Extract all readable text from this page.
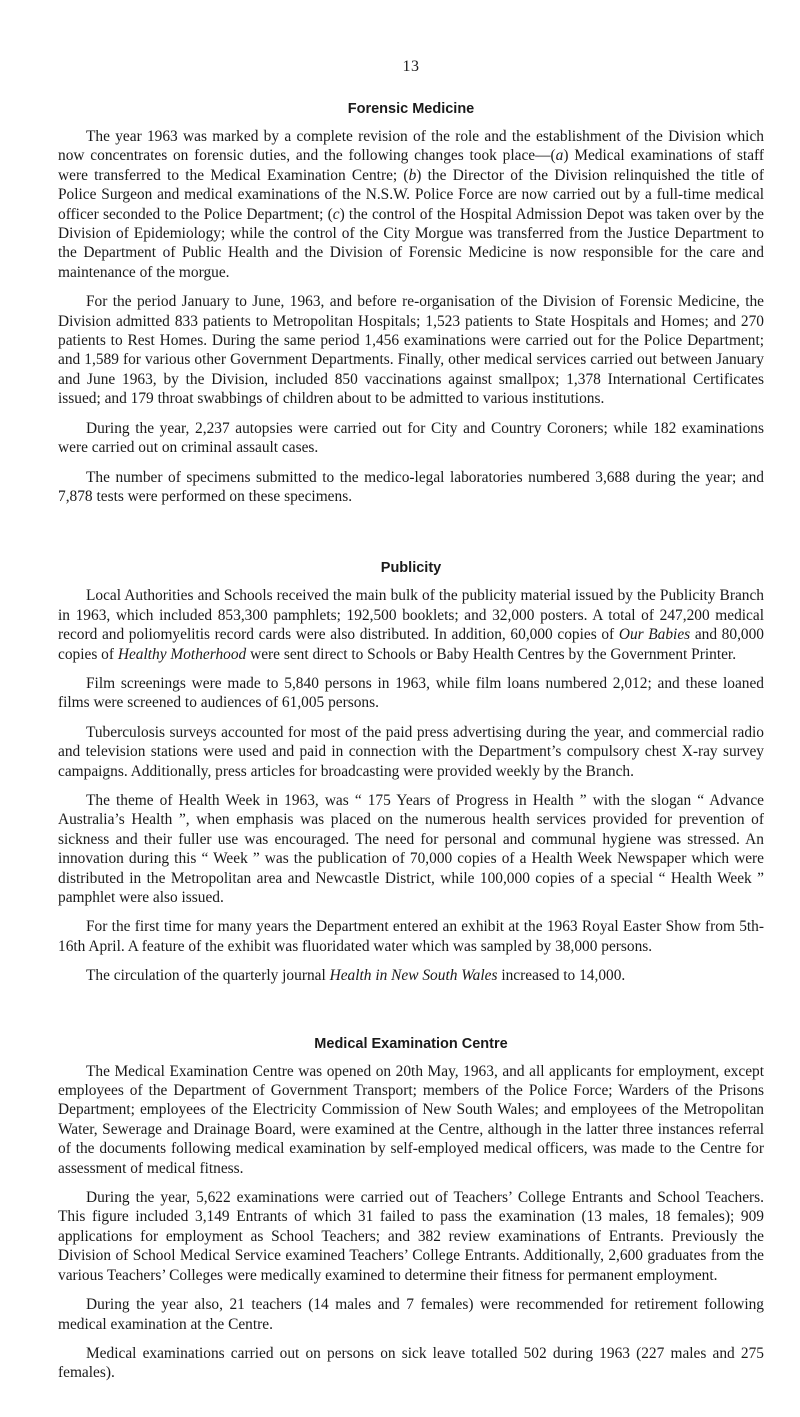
13
Forensic Medicine

The year 1963 was marked by a complete revision of the role and the establishment of the Division which now concentrates on forensic duties, and the following changes took place—(a) Medical examinations of staff were transferred to the Medical Examination Centre; (b) the Director of the Division relinquished the title of Police Surgeon and medical examinations of the N.S.W. Police Force are now carried out by a full-time medical officer seconded to the Police Department; (c) the control of the Hospital Admission Depot was taken over by the Division of Epidemiology; while the control of the City Morgue was transferred from the Justice Department to the Department of Public Health and the Division of Forensic Medicine is now responsible for the care and maintenance of the morgue.

For the period January to June, 1963, and before re-organisation of the Division of Forensic Medicine, the Division admitted 833 patients to Metropolitan Hospitals; 1,523 patients to State Hospitals and Homes; and 270 patients to Rest Homes. During the same period 1,456 examinations were carried out for the Police Department; and 1,589 for various other Government Departments. Finally, other medical services carried out between January and June 1963, by the Division, included 850 vaccinations against smallpox; 1,378 International Certificates issued; and 179 throat swabbings of children about to be admitted to various institutions.

During the year, 2,237 autopsies were carried out for City and Country Coroners; while 182 examinations were carried out on criminal assault cases.

The number of specimens submitted to the medico-legal laboratories numbered 3,688 during the year; and 7,878 tests were performed on these specimens.

Publicity

Local Authorities and Schools received the main bulk of the publicity material issued by the Publicity Branch in 1963, which included 853,300 pamphlets; 192,500 booklets; and 32,000 posters. A total of 247,200 medical record and poliomyelitis record cards were also distributed. In addition, 60,000 copies of Our Babies and 80,000 copies of Healthy Motherhood were sent direct to Schools or Baby Health Centres by the Government Printer.

Film screenings were made to 5,840 persons in 1963, while film loans numbered 2,012; and these loaned films were screened to audiences of 61,005 persons.

Tuberculosis surveys accounted for most of the paid press advertising during the year, and commercial radio and television stations were used and paid in connection with the Department’s compulsory chest X-ray survey campaigns. Additionally, press articles for broadcasting were provided weekly by the Branch.

The theme of Health Week in 1963, was “ 175 Years of Progress in Health ” with the slogan “ Advance Australia’s Health ”, when emphasis was placed on the numerous health services provided for prevention of sickness and their fuller use was encouraged. The need for personal and communal hygiene was stressed. An innovation during this “ Week ” was the publication of 70,000 copies of a Health Week Newspaper which were distributed in the Metropolitan area and Newcastle District, while 100,000 copies of a special “ Health Week ” pamphlet were also issued.

For the first time for many years the Department entered an exhibit at the 1963 Royal Easter Show from 5th-16th April. A feature of the exhibit was fluoridated water which was sampled by 38,000 persons.

The circulation of the quarterly journal Health in New South Wales increased to 14,000.

Medical Examination Centre

The Medical Examination Centre was opened on 20th May, 1963, and all applicants for employment, except employees of the Department of Government Transport; members of the Police Force; Warders of the Prisons Department; employees of the Electricity Commission of New South Wales; and employees of the Metropolitan Water, Sewerage and Drainage Board, were examined at the Centre, although in the latter three instances referral of the documents following medical examination by self-employed medical officers, was made to the Centre for assessment of medical fitness.

During the year, 5,622 examinations were carried out of Teachers’ College Entrants and School Teachers. This figure included 3,149 Entrants of which 31 failed to pass the examination (13 males, 18 females); 909 applications for employment as School Teachers; and 382 review examinations of Entrants. Previously the Division of School Medical Service examined Teachers’ College Entrants. Additionally, 2,600 graduates from the various Teachers’ Colleges were medically examined to determine their fitness for permanent employment.

During the year also, 21 teachers (14 males and 7 females) were recommended for retirement following medical examination at the Centre.

Medical examinations carried out on persons on sick leave totalled 502 during 1963 (227 males and 275 females).
